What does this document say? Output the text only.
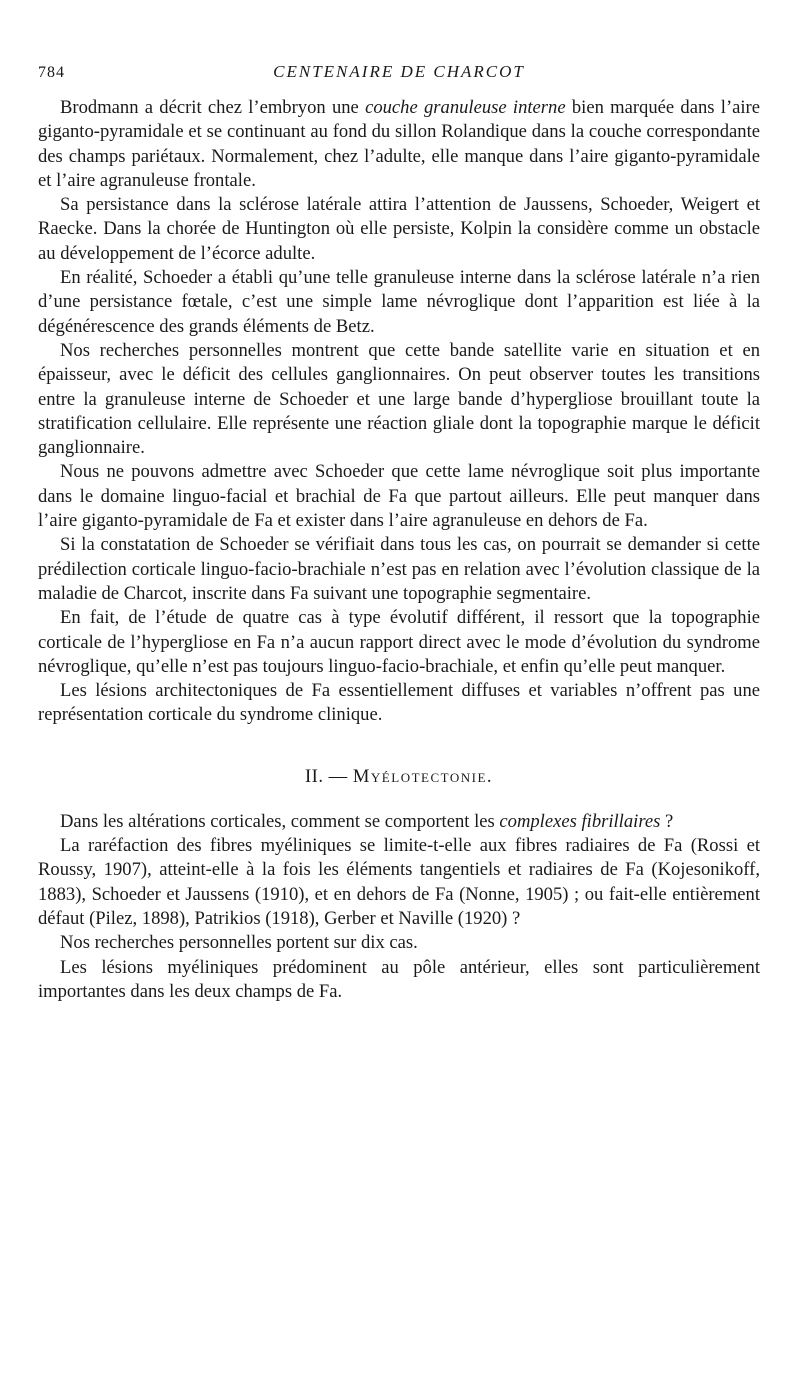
784	CENTENAIRE DE CHARCOT

Brodmann a décrit chez l’embryon une couche granuleuse interne bien marquée dans l’aire giganto-pyramidale et se continuant au fond du sillon Rolandique dans la couche correspondante des champs pariétaux. Normalement, chez l’adulte, elle manque dans l’aire giganto-pyramidale et l’aire agranuleuse frontale.

Sa persistance dans la sclérose latérale attira l’attention de Jaussens, Schoeder, Weigert et Raecke. Dans la chorée de Huntington où elle persiste, Kolpin la considère comme un obstacle au développement de l’écorce adulte.

En réalité, Schoeder a établi qu’une telle granuleuse interne dans la sclérose latérale n’a rien d’une persistance fœtale, c’est une simple lame névroglique dont l’apparition est liée à la dégénérescence des grands éléments de Betz.

Nos recherches personnelles montrent que cette bande satellite varie en situation et en épaisseur, avec le déficit des cellules ganglionnaires. On peut observer toutes les transitions entre la granuleuse interne de Schoeder et une large bande d’hypergliose brouillant toute la stratification cellulaire. Elle représente une réaction gliale dont la topographie marque le déficit ganglionnaire.

Nous ne pouvons admettre avec Schoeder que cette lame névroglique soit plus importante dans le domaine linguo-facial et brachial de Fa que partout ailleurs. Elle peut manquer dans l’aire giganto-pyramidale de Fa et exister dans l’aire agranuleuse en dehors de Fa.

Si la constatation de Schoeder se vérifiait dans tous les cas, on pourrait se demander si cette prédilection corticale linguo-facio-brachiale n’est pas en relation avec l’évolution classique de la maladie de Charcot, inscrite dans Fa suivant une topographie segmentaire.

En fait, de l’étude de quatre cas à type évolutif différent, il ressort que la topographie corticale de l’hypergliose en Fa n’a aucun rapport direct avec le mode d’évolution du syndrome névroglique, qu’elle n’est pas toujours linguo-facio-brachiale, et enfin qu’elle peut manquer.

Les lésions architectoniques de Fa essentiellement diffuses et variables n’offrent pas une représentation corticale du syndrome clinique.

II. — Myélotectonie.

Dans les altérations corticales, comment se comportent les complexes fibrillaires ?

La raréfaction des fibres myéliniques se limite-t-elle aux fibres radiaires de Fa (Rossi et Roussy, 1907), atteint-elle à la fois les éléments tangentiels et radiaires de Fa (Kojesonikoff, 1883), Schoeder et Jaussens (1910), et en dehors de Fa (Nonne, 1905) ; ou fait-elle entièrement défaut (Pilez, 1898), Patrikios (1918), Gerber et Naville (1920) ?

Nos recherches personnelles portent sur dix cas.

Les lésions myéliniques prédominent au pôle antérieur, elles sont particulièrement importantes dans les deux champs de Fa.
